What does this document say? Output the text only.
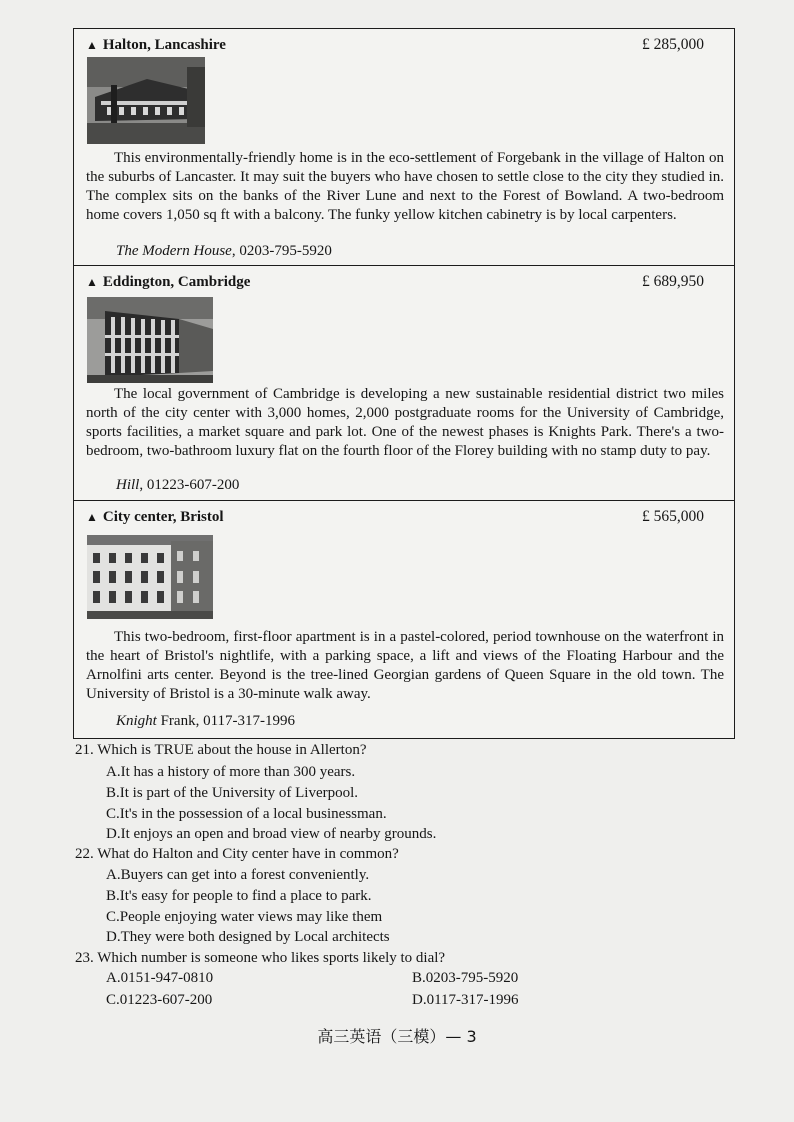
▲ Halton, Lancashire	£ 285,000

This environmentally-friendly home is in the eco-settlement of Forgebank in the village of Halton on the suburbs of Lancaster. It may suit the buyers who have chosen to settle close to the city they studied in. The complex sits on the banks of the River Lune and next to the Forest of Bowland. A two-bedroom home covers 1,050 sq ft with a balcony. The funky yellow kitchen cabinetry is by local carpenters.

The Modern House, 0203-795-5920
▲ Eddington, Cambridge	£ 689,950

The local government of Cambridge is developing a new sustainable residential district two miles north of the city center with 3,000 homes, 2,000 postgraduate rooms for the University of Cambridge, sports facilities, a market square and park lot. One of the newest phases is Knights Park. There's a two-bedroom, two-bathroom luxury flat on the fourth floor of the Florey building with no stamp duty to pay.

Hill, 01223-607-200
▲ City center, Bristol	£ 565,000

This two-bedroom, first-floor apartment is in a pastel-colored, period townhouse on the waterfront in the heart of Bristol's nightlife, with a parking space, a lift and views of the Floating Harbour and the Arnolfini arts center. Beyond is the tree-lined Georgian gardens of Queen Square in the old town. The University of Bristol is a 30-minute walk away.

Knight Frank, 0117-317-1996
21. Which is TRUE about the house in Allerton?
A.It has a history of more than 300 years.
B.It is part of the University of Liverpool.
C.It's in the possession of a local businessman.
D.It enjoys an open and broad view of nearby grounds.
22. What do Halton and City center have in common?
A.Buyers can get into a forest conveniently.
B.It's easy for people to find a place to park.
C.People enjoying water views may like them
D.They were both designed by Local architects
23. Which number is someone who likes sports likely to dial?
A.0151-947-0810	B.0203-795-5920
C.01223-607-200	D.0117-317-1996
高三英语（三模）— 3
